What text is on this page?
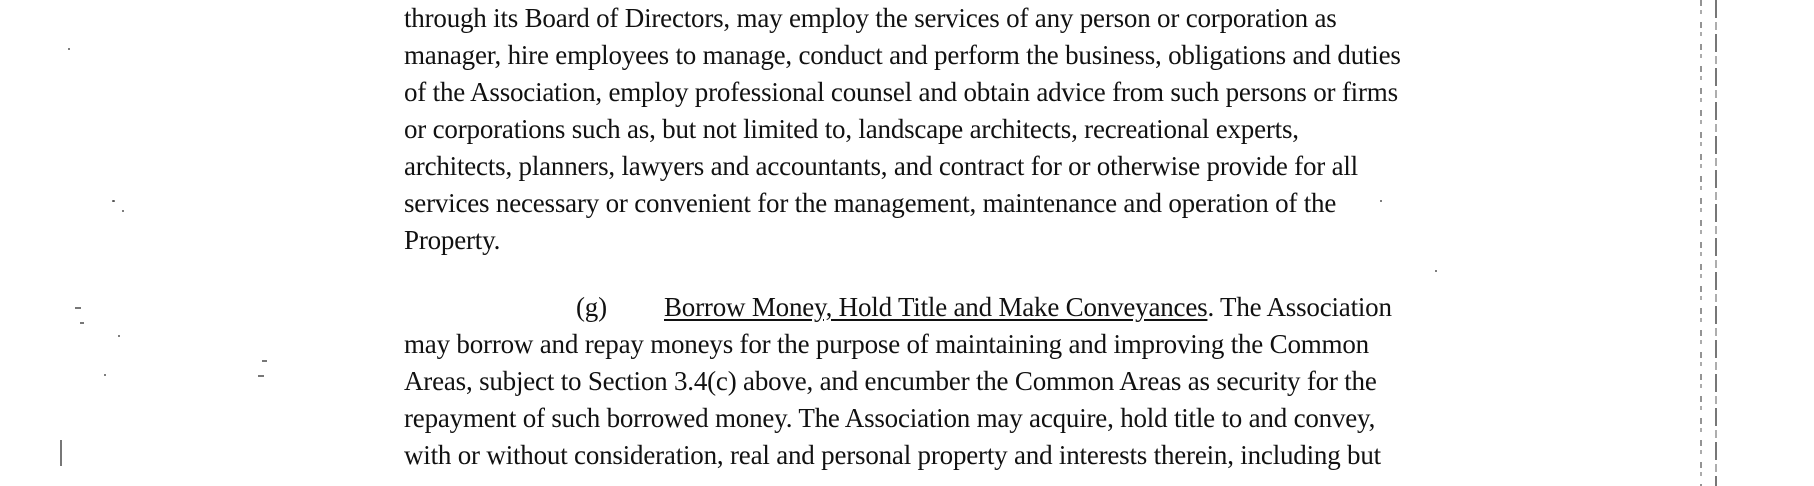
through its Board of Directors, may employ the services of any person or corporation as
manager, hire employees to manage, conduct and perform the business, obligations and duties
of the Association, employ professional counsel and obtain advice from such persons or firms
or corporations such as, but not limited to, landscape architects, recreational experts,
architects, planners, lawyers and accountants, and contract for or otherwise provide for all
services necessary or convenient for the management, maintenance and operation of the
Property.
(g) Borrow Money, Hold Title and Make Conveyances. The Association
may borrow and repay moneys for the purpose of maintaining and improving the Common
Areas, subject to Section 3.4(c) above, and encumber the Common Areas as security for the
repayment of such borrowed money. The Association may acquire, hold title to and convey,
with or without consideration, real and personal property and interests therein, including but
